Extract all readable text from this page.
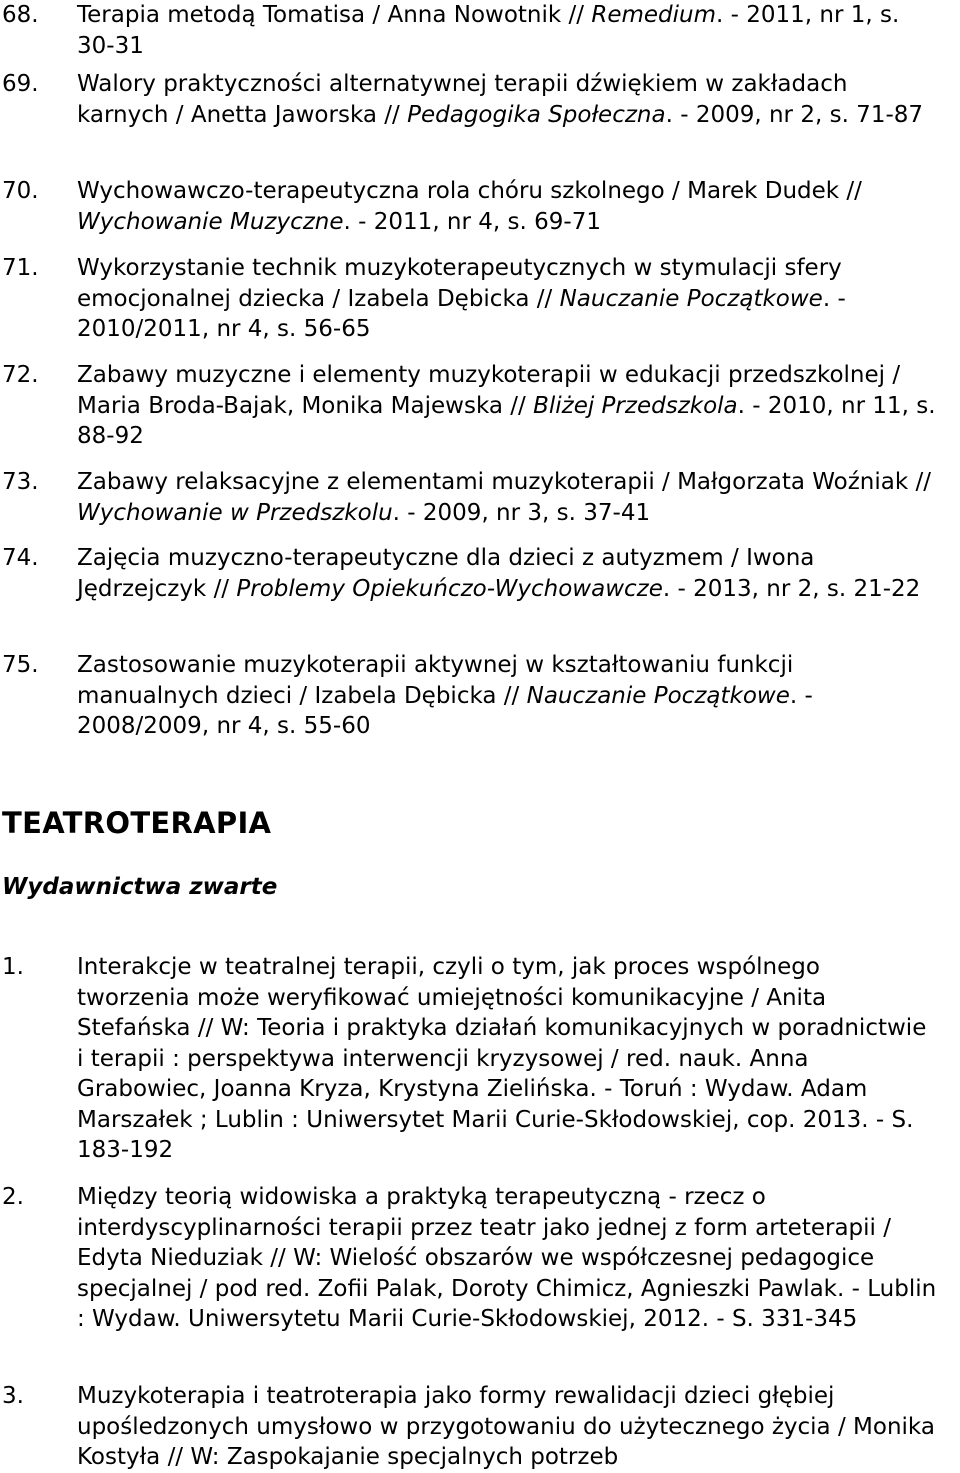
68. Terapia metodą Tomatisa / Anna Nowotnik // Remedium. - 2011, nr 1, s. 30-31
69. Walory praktyczności alternatywnej terapii dźwiękiem w zakładach karnych / Anetta Jaworska // Pedagogika Społeczna. - 2009, nr 2, s. 71-87
70. Wychowawczo-terapeutyczna rola chóru szkolnego / Marek Dudek // Wychowanie Muzyczne. - 2011, nr 4, s. 69-71
71. Wykorzystanie technik muzykoterapeutycznych w stymulacji sfery emocjonalnej dziecka / Izabela Dębicka // Nauczanie Początkowe. - 2010/2011, nr 4, s. 56-65
72. Zabawy muzyczne i elementy muzykoterapii w edukacji przedszkolnej / Maria Broda-Bajak, Monika Majewska // Bliżej Przedszkola. - 2010, nr 11, s. 88-92
73. Zabawy relaksacyjne z elementami muzykoterapii / Małgorzata Woźniak // Wychowanie w Przedszkolu. - 2009, nr 3, s. 37-41
74. Zajęcia muzyczno-terapeutyczne dla dzieci z autyzmem / Iwona Jędrzejczyk // Problemy Opiekuńczo-Wychowawcze. - 2013, nr 2, s. 21-22
75. Zastosowanie muzykoterapii aktywnej w kształtowaniu funkcji manualnych dzieci / Izabela Dębicka // Nauczanie Początkowe. - 2008/2009, nr 4, s. 55-60
TEATROTERAPIA
Wydawnictwa zwarte
1. Interakcje w teatralnej terapii, czyli o tym, jak proces wspólnego tworzenia może weryfikować umiejętności komunikacyjne / Anita Stefańska // W: Teoria i praktyka działań komunikacyjnych w poradnictwie i terapii : perspektywa interwencji kryzysowej / red. nauk. Anna Grabowiec, Joanna Kryza, Krystyna Zielińska. - Toruń : Wydaw. Adam Marszałek ; Lublin : Uniwersytet Marii Curie-Skłodowskiej, cop. 2013. - S. 183-192
2. Między teorią widowiska a praktyką terapeutyczną - rzecz o interdyscyplinarności terapii przez teatr jako jednej z form arteterapii / Edyta Nieduziak // W: Wielość obszarów we współczesnej pedagogice specjalnej / pod red. Zofii Palak, Doroty Chimicz, Agnieszki Pawlak. - Lublin : Wydaw. Uniwersytetu Marii Curie-Skłodowskiej, 2012. - S. 331-345
3. Muzykoterapia i teatroterapia jako formy rewalidacji dzieci głębiej upośledzonych umysłowo w przygotowaniu do użytecznego życia / Monika Kostyła // W: Zaspokajanie specjalnych potrzeb
